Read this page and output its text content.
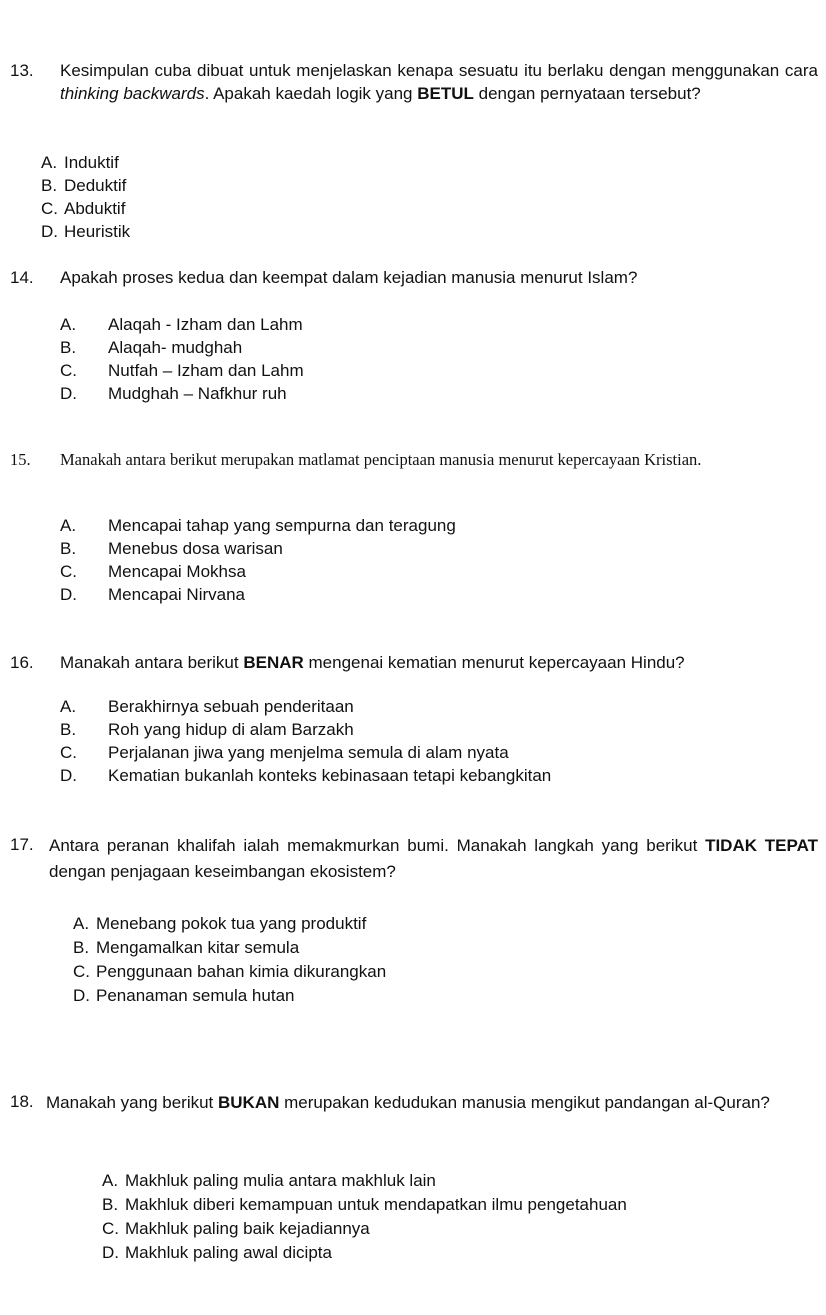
13. Kesimpulan cuba dibuat untuk menjelaskan kenapa sesuatu itu berlaku dengan menggunakan cara thinking backwards. Apakah kaedah logik yang BETUL dengan pernyataan tersebut?
A. Induktif
B. Deduktif
C. Abduktif
D. Heuristik
14. Apakah proses kedua dan keempat dalam kejadian manusia menurut Islam?
A. Alaqah - Izham dan Lahm
B. Alaqah- mudghah
C. Nutfah – Izham dan Lahm
D. Mudghah – Nafkhur ruh
15. Manakah antara berikut merupakan matlamat penciptaan manusia menurut kepercayaan Kristian.
A. Mencapai tahap yang sempurna dan teragung
B. Menebus dosa warisan
C. Mencapai Mokhsa
D. Mencapai Nirvana
16. Manakah antara berikut BENAR mengenai kematian menurut kepercayaan Hindu?
A. Berakhirnya sebuah penderitaan
B. Roh yang hidup di alam Barzakh
C. Perjalanan jiwa yang menjelma semula di alam nyata
D. Kematian bukanlah konteks kebinasaan tetapi kebangkitan
17. Antara peranan khalifah ialah memakmurkan bumi. Manakah langkah yang berikut TIDAK TEPAT dengan penjagaan keseimbangan ekosistem?
A. Menebang pokok tua yang produktif
B. Mengamalkan kitar semula
C. Penggunaan bahan kimia dikurangkan
D. Penanaman semula hutan
18. Manakah yang berikut BUKAN merupakan kedudukan manusia mengikut pandangan al-Quran?
A. Makhluk paling mulia antara makhluk lain
B. Makhluk diberi kemampuan untuk mendapatkan ilmu pengetahuan
C. Makhluk paling baik kejadiannya
D. Makhluk paling awal dicipta
